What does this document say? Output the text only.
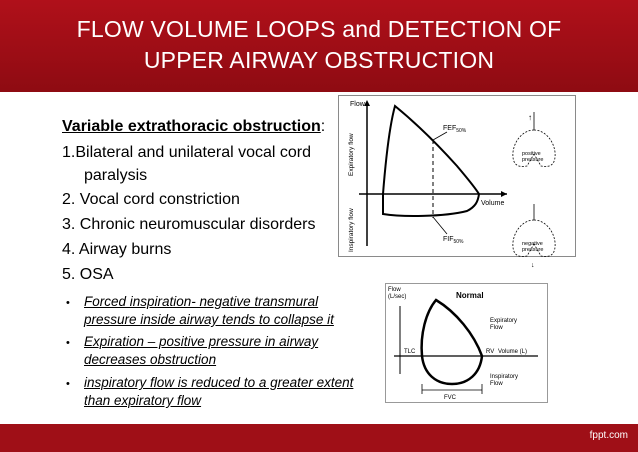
FLOW VOLUME LOOPS and DETECTION OF
UPPER AIRWAY OBSTRUCTION
Variable extrathoracic obstruction:
1.Bilateral and unilateral vocal cord
paralysis
2. Vocal cord constriction
3. Chronic neuromuscular disorders
4. Airway burns
5. OSA
• Forced inspiration- negative transmural
pressure inside airway tends to collapse it
• Expiration – positive pressure in airway
decreases obstruction
• inspiratory flow is reduced to a greater extent
than expiratory flow
Flow
Expiratory flow
Inspiratory flow
Volume
$FEF_{50\%}$
$FIF_{50\%}$
↑
positive
pressure
negative
pressure
↓
Flow
(L/sec)	Normal
Expiratory
Flow
TLC	RV Volume (L)
Inspiratory
Flow
FVC
fppt.com
